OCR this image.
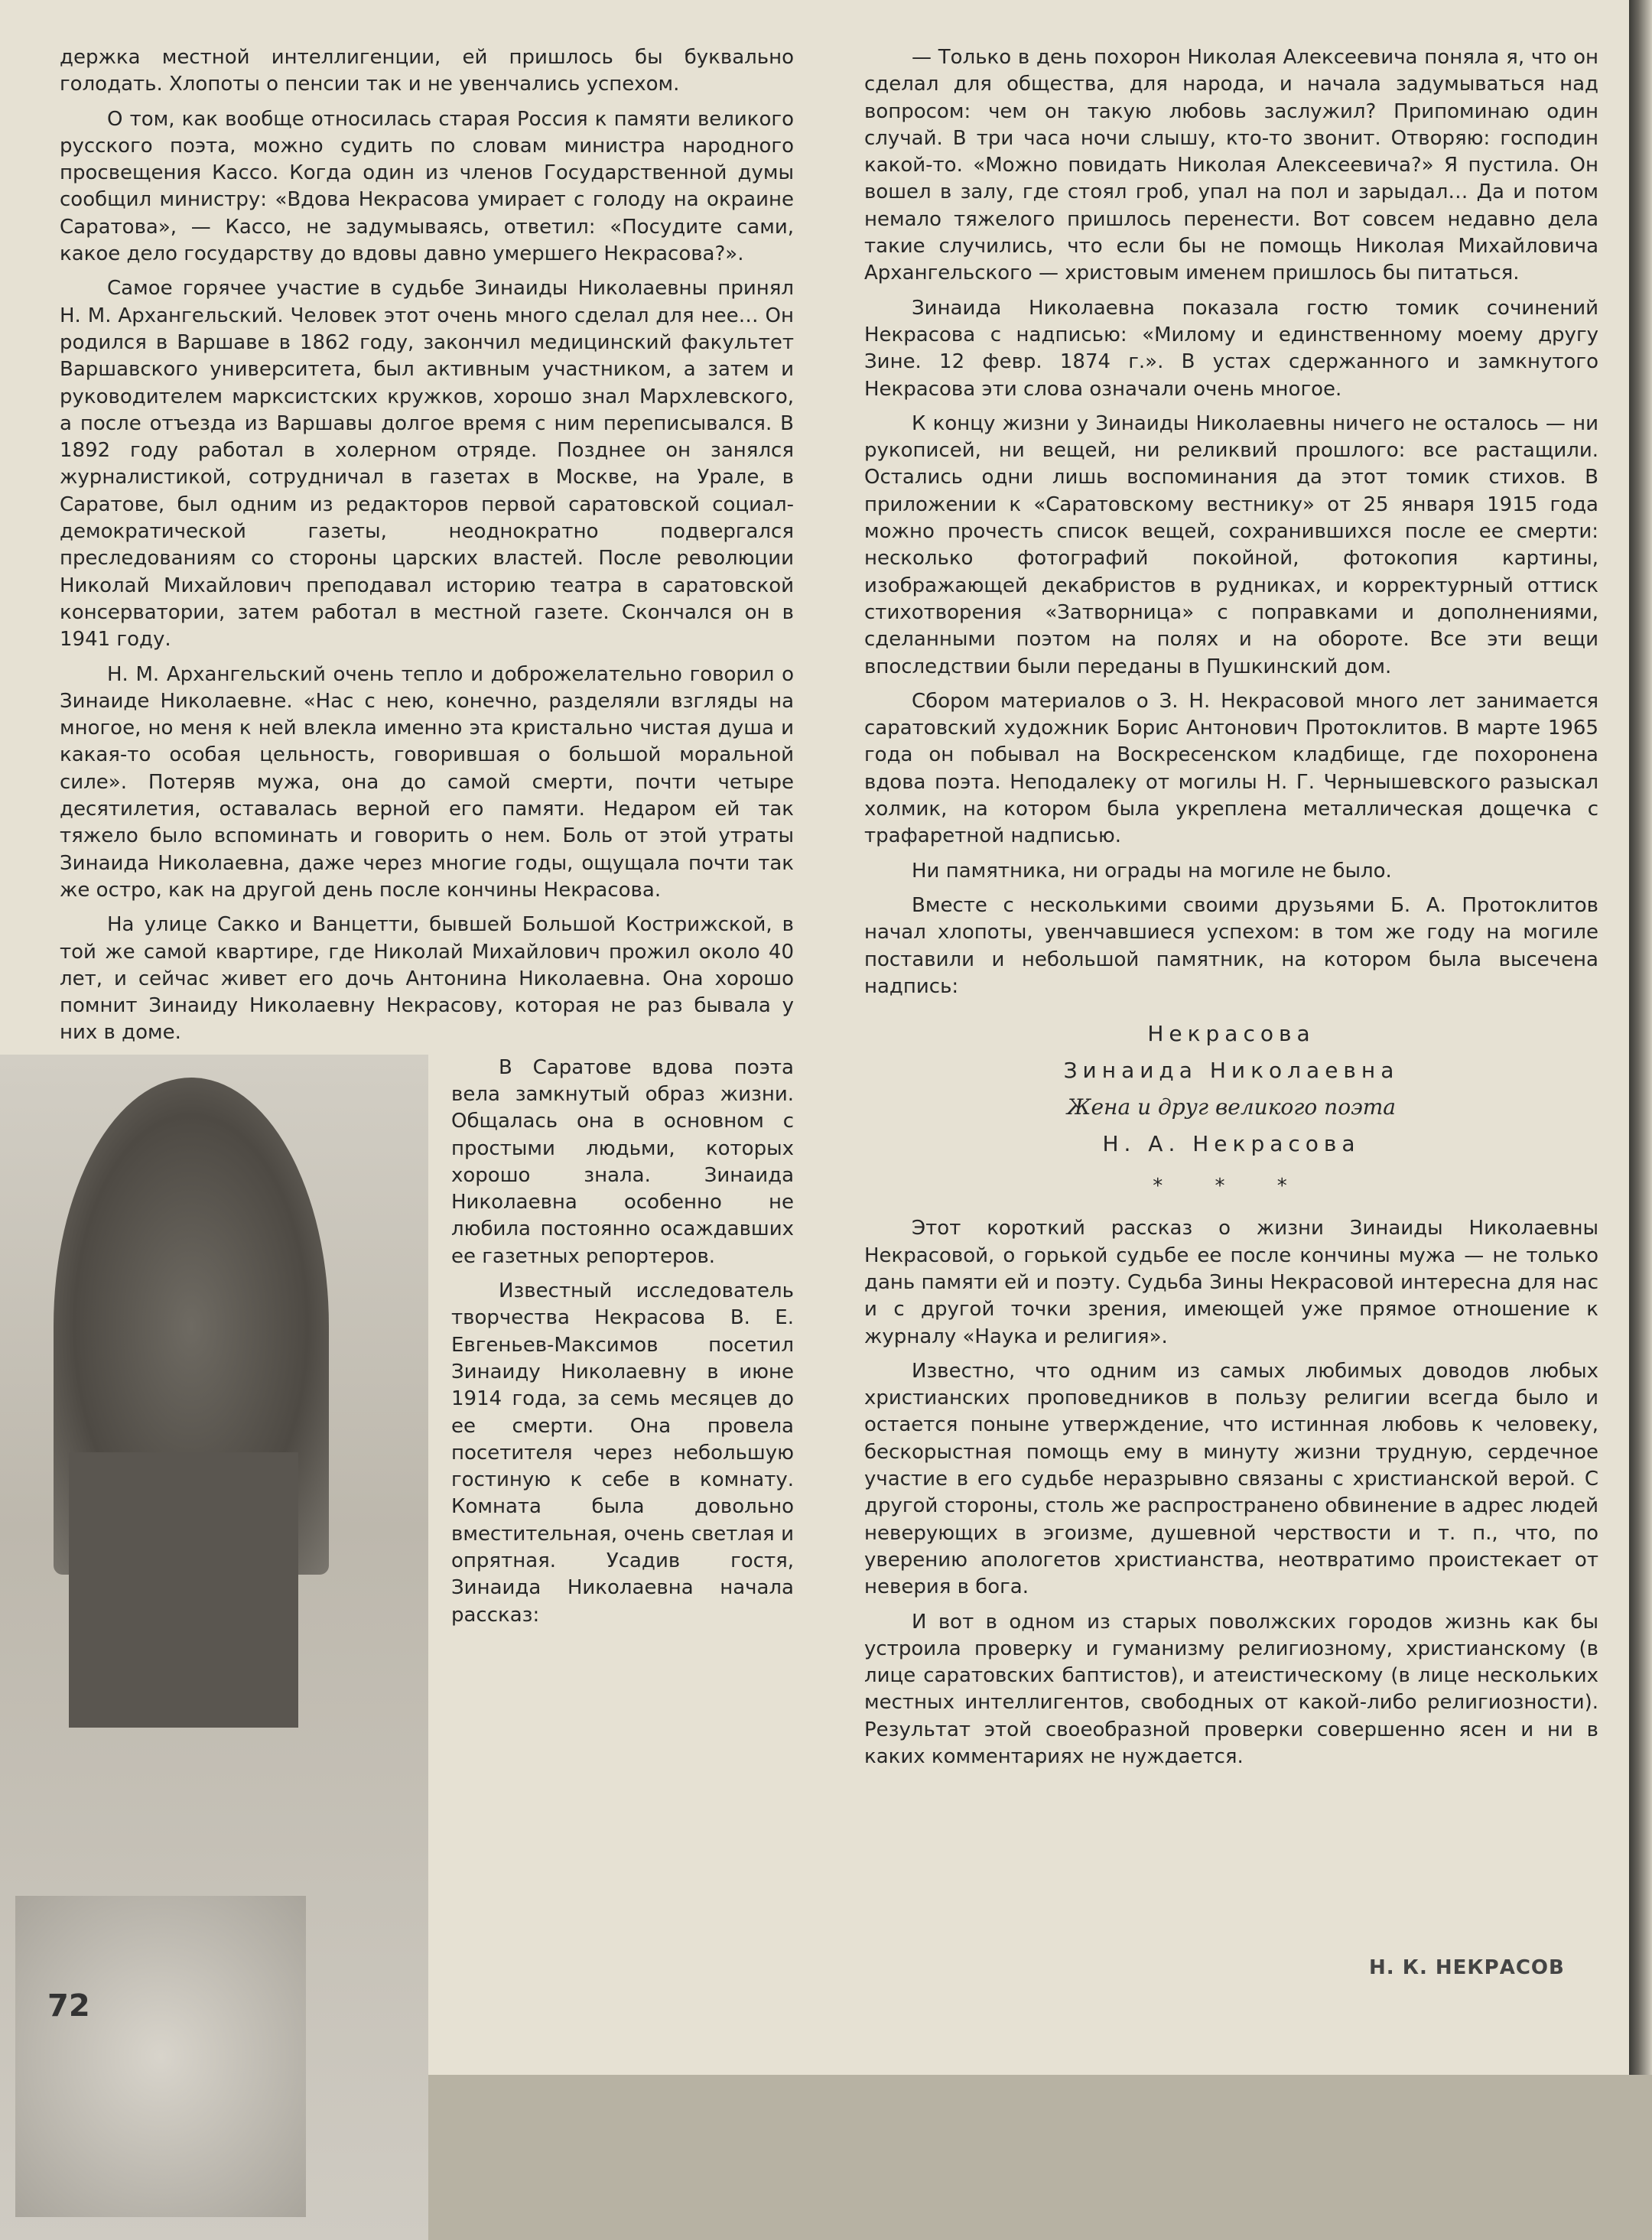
держка местной интеллигенции, ей пришлось бы буквально голодать. Хлопоты о пенсии так и не увенчались успехом.

О том, как вообще относилась старая Россия к памяти великого русского поэта, можно судить по словам министра народного просвещения Кассо. Когда один из членов Государственной думы сообщил министру: «Вдова Некрасова умирает с голоду на окраине Саратова», — Кассо, не задумываясь, ответил: «Посудите сами, какое дело государству до вдовы давно умершего Некрасова?».

Самое горячее участие в судьбе Зинаиды Николаевны принял Н. М. Архангельский. Человек этот очень много сделал для нее… Он родился в Варшаве в 1862 году, закончил медицинский факультет Варшавского университета, был активным участником, а затем и руководителем марксистских кружков, хорошо знал Мархлевского, а после отъезда из Варшавы долгое время с ним переписывался. В 1892 году работал в холерном отряде. Позднее он занялся журналистикой, сотрудничал в газетах в Москве, на Урале, в Саратове, был одним из редакторов первой саратовской социал-демократической газеты, неоднократно подвергался преследованиям со стороны царских властей. После революции Николай Михайлович преподавал историю театра в саратовской консерватории, затем работал в местной газете. Скончался он в 1941 году.

Н. М. Архангельский очень тепло и доброжелательно говорил о Зинаиде Николаевне. «Нас с нею, конечно, разделяли взгляды на многое, но меня к ней влекла именно эта кристально чистая душа и какая-то особая цельность, говорившая о большой моральной силе». Потеряв мужа, она до самой смерти, почти четыре десятилетия, оставалась верной его памяти. Недаром ей так тяжело было вспоминать и говорить о нем. Боль от этой утраты Зинаида Николаевна, даже через многие годы, ощущала почти так же остро, как на другой день после кончины Некрасова.

На улице Сакко и Ванцетти, бывшей Большой Кострижской, в той же самой квартире, где Николай Михайлович прожил около 40 лет, и сейчас живет его дочь Антонина Николаевна. Она хорошо помнит Зинаиду Николаевну Некрасову, которая не раз бывала у них в доме.

В Саратове вдова поэта вела замкнутый образ жизни. Общалась она в основном с простыми людьми, которых хорошо знала. Зинаида Николаевна особенно не любила постоянно осаждавших ее газетных репортеров.

Известный исследователь творчества Некрасова В. Е. Евгеньев-Максимов посетил Зинаиду Николаевну в июне 1914 года, за семь месяцев до ее смерти. Она провела посетителя через небольшую гостиную к себе в комнату. Комната была довольно вместительная, очень светлая и опрятная. Усадив гостя, Зинаида Николаевна начала рассказ:

— Только в день похорон Николая Алексеевича поняла я, что он сделал для общества, для народа, и начала задумываться над вопросом: чем он такую любовь заслужил? Припоминаю один случай. В три часа ночи слышу, кто-то звонит. Отворяю: господин какой-то. «Можно повидать Николая Алексеевича?» Я пустила. Он вошел в залу, где стоял гроб, упал на пол и зарыдал… Да и потом немало тяжелого пришлось перенести. Вот совсем недавно дела такие случились, что если бы не помощь Николая Михайловича Архангельского — христовым именем пришлось бы питаться.

Зинаида Николаевна показала гостю томик сочинений Некрасова с надписью: «Милому и единственному моему другу Зине. 12 февр. 1874 г.». В устах сдержанного и замкнутого Некрасова эти слова означали очень многое.

К концу жизни у Зинаиды Николаевны ничего не осталось — ни рукописей, ни вещей, ни реликвий прошлого: все растащили. Остались одни лишь воспоминания да этот томик стихов. В приложении к «Саратовскому вестнику» от 25 января 1915 года можно прочесть список вещей, сохранившихся после ее смерти: несколько фотографий покойной, фотокопия картины, изображающей декабристов в рудниках, и корректурный оттиск стихотворения «Затворница» с поправками и дополнениями, сделанными поэтом на полях и на обороте. Все эти вещи впоследствии были переданы в Пушкинский дом.

Сбором материалов о З. Н. Некрасовой много лет занимается саратовский художник Борис Антонович Протоклитов. В марте 1965 года он побывал на Воскресенском кладбище, где похоронена вдова поэта. Неподалеку от могилы Н. Г. Чернышевского разыскал холмик, на котором была укреплена металлическая дощечка с трафаретной надписью.

Ни памятника, ни ограды на могиле не было.

Вместе с несколькими своими друзьями Б. А. Протоклитов начал хлопоты, увенчавшиеся успехом: в том же году на могиле поставили и небольшой памятник, на котором была высечена надпись:

Некрасова
Зинаида Николаевна
Жена и друг великого поэта
Н. А. Некрасова
* * *

Этот короткий рассказ о жизни Зинаиды Николаевны Некрасовой, о горькой судьбе ее после кончины мужа — не только дань памяти ей и поэту. Судьба Зины Некрасовой интересна для нас и с другой точки зрения, имеющей уже прямое отношение к журналу «Наука и религия».

Известно, что одним из самых любимых доводов любых христианских проповедников в пользу религии всегда было и остается поныне утверждение, что истинная любовь к человеку, бескорыстная помощь ему в минуту жизни трудную, сердечное участие в его судьбе неразрывно связаны с христианской верой. С другой стороны, столь же распространено обвинение в адрес людей неверующих в эгоизме, душевной черствости и т. п., что, по уверению апологетов христианства, неотвратимо проистекает от неверия в бога.

И вот в одном из старых поволжских городов жизнь как бы устроила проверку и гуманизму религиозному, христианскому (в лице саратовских баптистов), и атеистическому (в лице нескольких местных интеллигентов, свободных от какой-либо религиозности). Результат этой своеобразной проверки совершенно ясен и ни в каких комментариях не нуждается.

Н. К. НЕКРАСОВ
72
